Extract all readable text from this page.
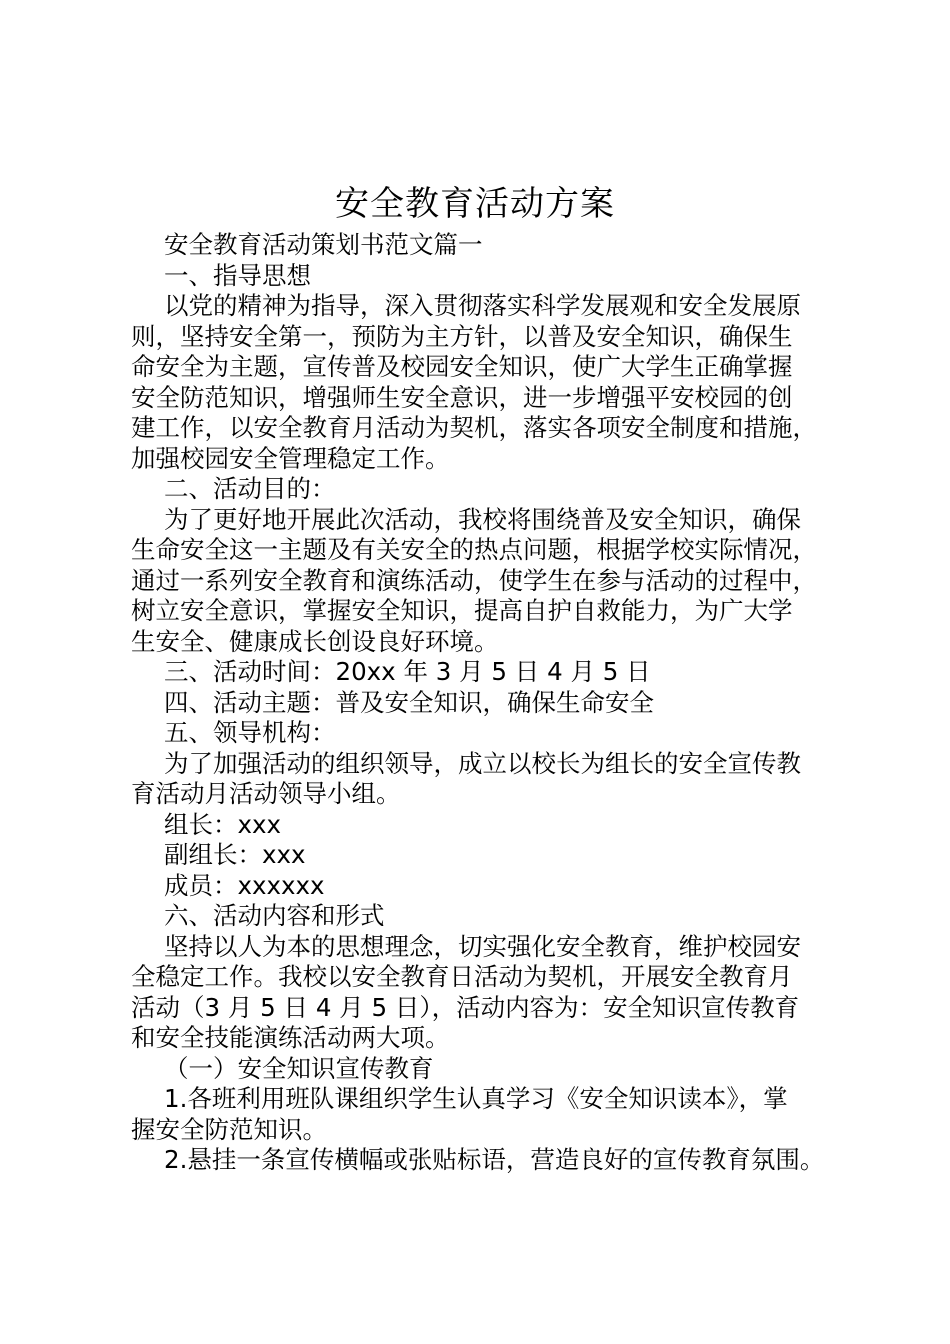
安全教育活动方案

安全教育活动策划书范文篇一

一、指导思想

以党的精神为指导，深入贯彻落实科学发展观和安全发展原

则，坚持安全第一，预防为主方针，以普及安全知识，确保生

命安全为主题，宣传普及校园安全知识，使广大学生正确掌握

安全防范知识，增强师生安全意识，进一步增强平安校园的创

建工作，以安全教育月活动为契机，落实各项安全制度和措施，

加强校园安全管理稳定工作。

二、活动目的：

为了更好地开展此次活动，我校将围绕普及安全知识，确保

生命安全这一主题及有关安全的热点问题，根据学校实际情况，

通过一系列安全教育和演练活动，使学生在参与活动的过程中，

树立安全意识，掌握安全知识，提高自护自救能力，为广大学

生安全、健康成长创设良好环境。

三、活动时间：20xx 年 3 月 5 日 4 月 5 日

四、活动主题：普及安全知识，确保生命安全

五、领导机构：

为了加强活动的组织领导，成立以校长为组长的安全宣传教

育活动月活动领导小组。

组长：xxx

副组长：xxx

成员：xxxxxx

六、活动内容和形式

坚持以人为本的思想理念，切实强化安全教育，维护校园安

全稳定工作。我校以安全教育日活动为契机，开展安全教育月

活动（3 月 5 日 4 月 5 日），活动内容为：安全知识宣传教育

和安全技能演练活动两大项。

（一）安全知识宣传教育

1.各班利用班队课组织学生认真学习《安全知识读本》，掌

握安全防范知识。

2.悬挂一条宣传横幅或张贴标语，营造良好的宣传教育氛围。
